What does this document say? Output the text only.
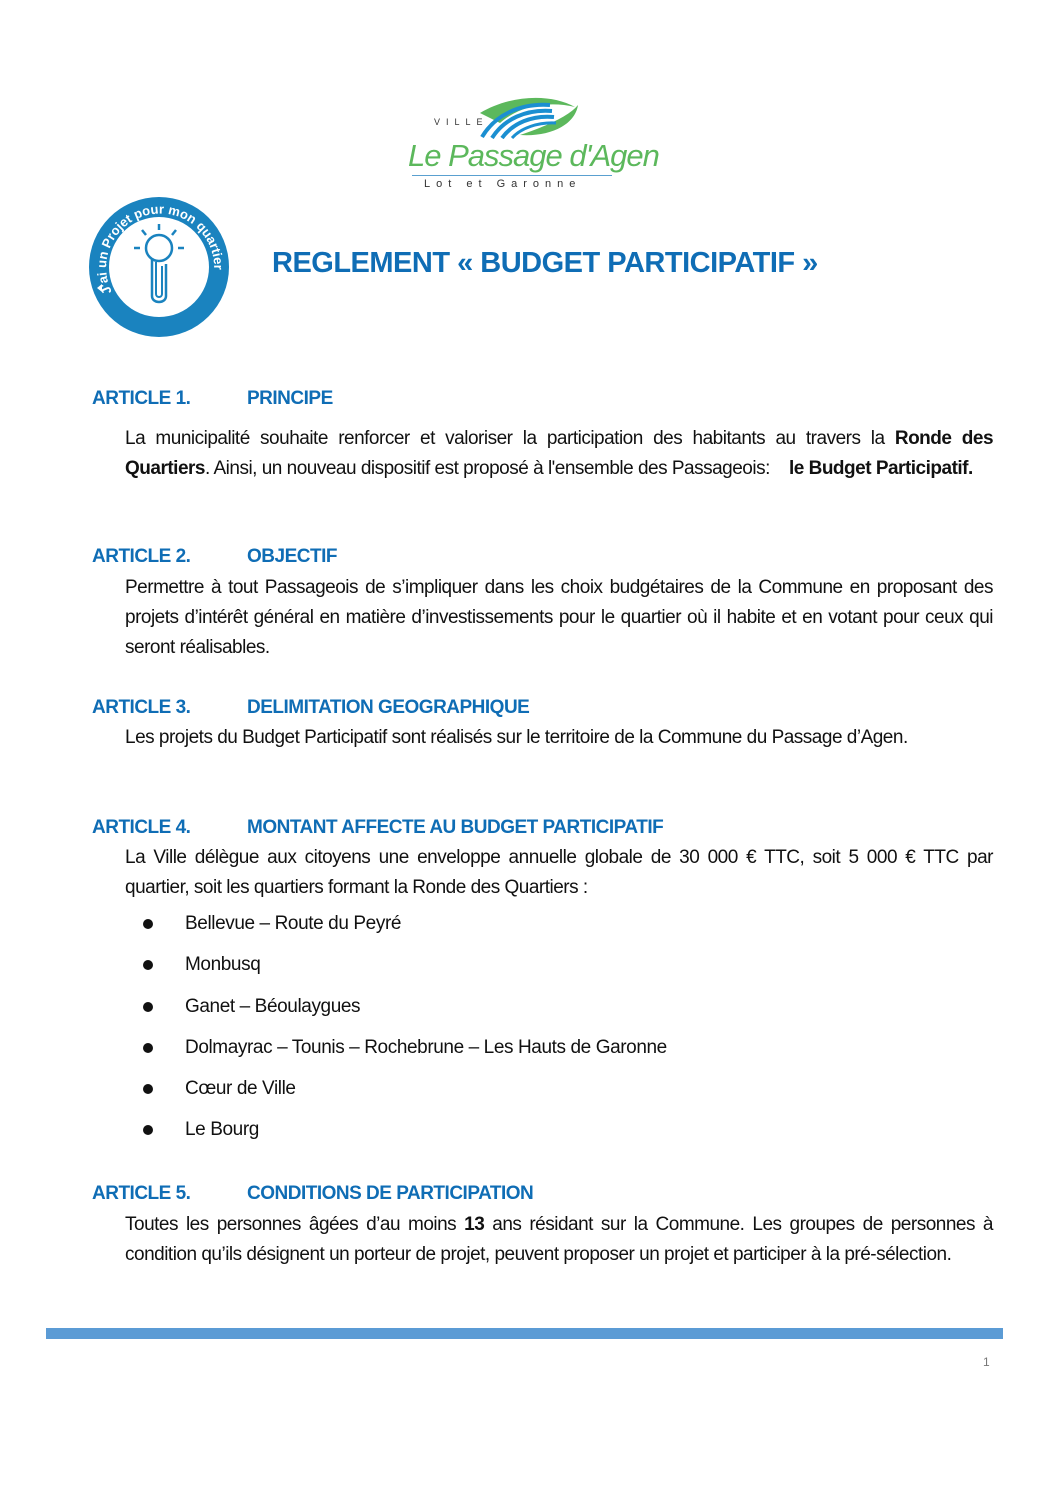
VILLE
Le Passage d'Agen
Lot et Garonne
J'ai un Projet pour mon quartier REGLEMENT « BUDGET PARTICIPATIF »
ARTICLE 1.	PRINCIPE
La municipalité souhaite renforcer et valoriser la participation des habitants au travers la Ronde des Quartiers. Ainsi, un nouveau dispositif est proposé à l'ensemble des Passageois:    le Budget Participatif.
ARTICLE 2.	OBJECTIF
Permettre à tout Passageois de s’impliquer dans les choix budgétaires de la Commune en proposant des projets d’intérêt général en matière d’investissements pour le quartier où il habite et en votant pour ceux qui seront réalisables.
ARTICLE 3.	DELIMITATION GEOGRAPHIQUE
Les projets du Budget Participatif sont réalisés sur le territoire de la Commune du Passage d’Agen.
ARTICLE 4.	MONTANT AFFECTE AU BUDGET PARTICIPATIF
La Ville délègue aux citoyens une enveloppe annuelle globale de 30 000 € TTC, soit 5 000 € TTC par quartier, soit les quartiers formant la Ronde des Quartiers :
Bellevue – Route du Peyré
Monbusq
Ganet – Béoulaygues
Dolmayrac – Tounis – Rochebrune – Les Hauts de Garonne
Cœur de Ville
Le Bourg
ARTICLE 5.	CONDITIONS DE PARTICIPATION
Toutes les personnes âgées d’au moins 13 ans résidant sur la Commune. Les groupes de personnes à condition qu’ils désignent un porteur de projet, peuvent proposer un projet et participer à la pré-sélection.
1
